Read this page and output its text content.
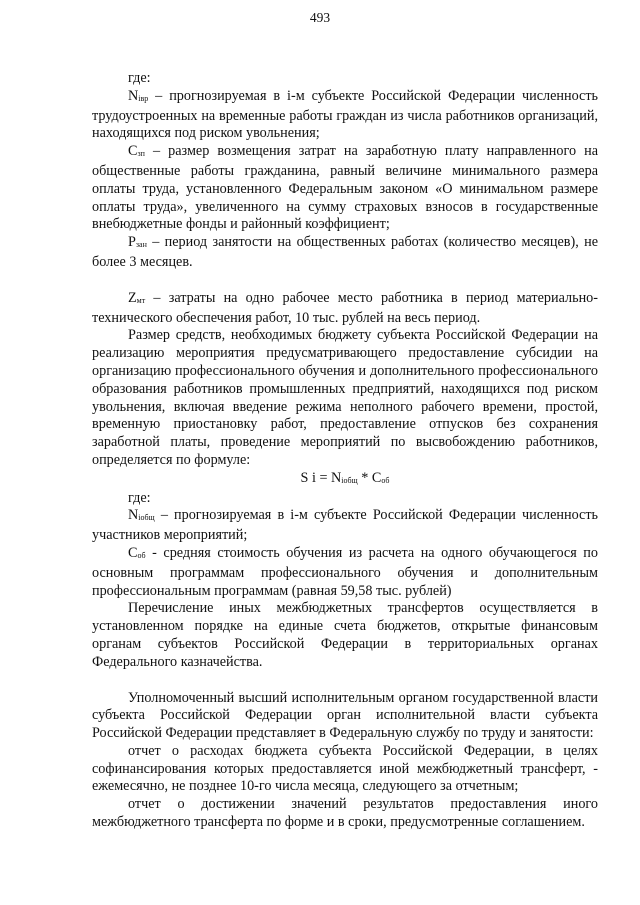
493

где:

$N_{iвр}$ – прогнозируемая в i-м субъекте Российской Федерации численность трудоустроенных на временные работы граждан из числа работников организаций, находящихся под риском увольнения;

$С_{зп}$ – размер возмещения затрат на заработную плату направленного на общественные работы гражданина, равный величине минимального размера оплаты труда, установленного Федеральным законом «О минимальном размере оплаты труда», увеличенного на сумму страховых взносов в государственные внебюджетные фонды и районный коэффициент;

$Р_{зан}$ – период занятости на общественных работах (количество месяцев), не более 3 месяцев.

$Z_{мт}$ – затраты на одно рабочее место работника в период материально-технического обеспечения работ, 10 тыс. рублей на весь период.

Размер средств, необходимых бюджету субъекта Российской Федерации на реализацию мероприятия предусматривающего предоставление субсидии на организацию профессионального обучения и дополнительного профессионального образования работников промышленных предприятий, находящихся под риском увольнения, включая введение режима неполного рабочего времени, простой, временную приостановку работ, предоставление отпусков без сохранения заработной платы, проведение мероприятий по высвобождению работников, определяется по формуле:

S $i = N_{iобщ} * С_{об}$

где:

$N_{iобщ}$ – прогнозируемая в i-м субъекте Российской Федерации численность участников мероприятий;

$С_{об}$ - средняя стоимость обучения из расчета на одного обучающегося по основным программам профессионального обучения и дополнительным профессиональным программам (равная 59,58 тыс. рублей)

Перечисление иных межбюджетных трансфертов осуществляется в установленном порядке на единые счета бюджетов, открытые финансовым органам субъектов Российской Федерации в территориальных органах Федерального казначейства.

Уполномоченный высший исполнительным органом государственной власти субъекта Российской Федерации орган исполнительной власти субъекта Российской Федерации представляет в Федеральную службу по труду и занятости:

отчет о расходах бюджета субъекта Российской Федерации, в целях софинансирования которых предоставляется иной межбюджетный трансферт, - ежемесячно, не позднее 10-го числа месяца, следующего за отчетным;

отчет о достижении значений результатов предоставления иного межбюджетного трансферта по форме и в сроки, предусмотренные соглашением.
